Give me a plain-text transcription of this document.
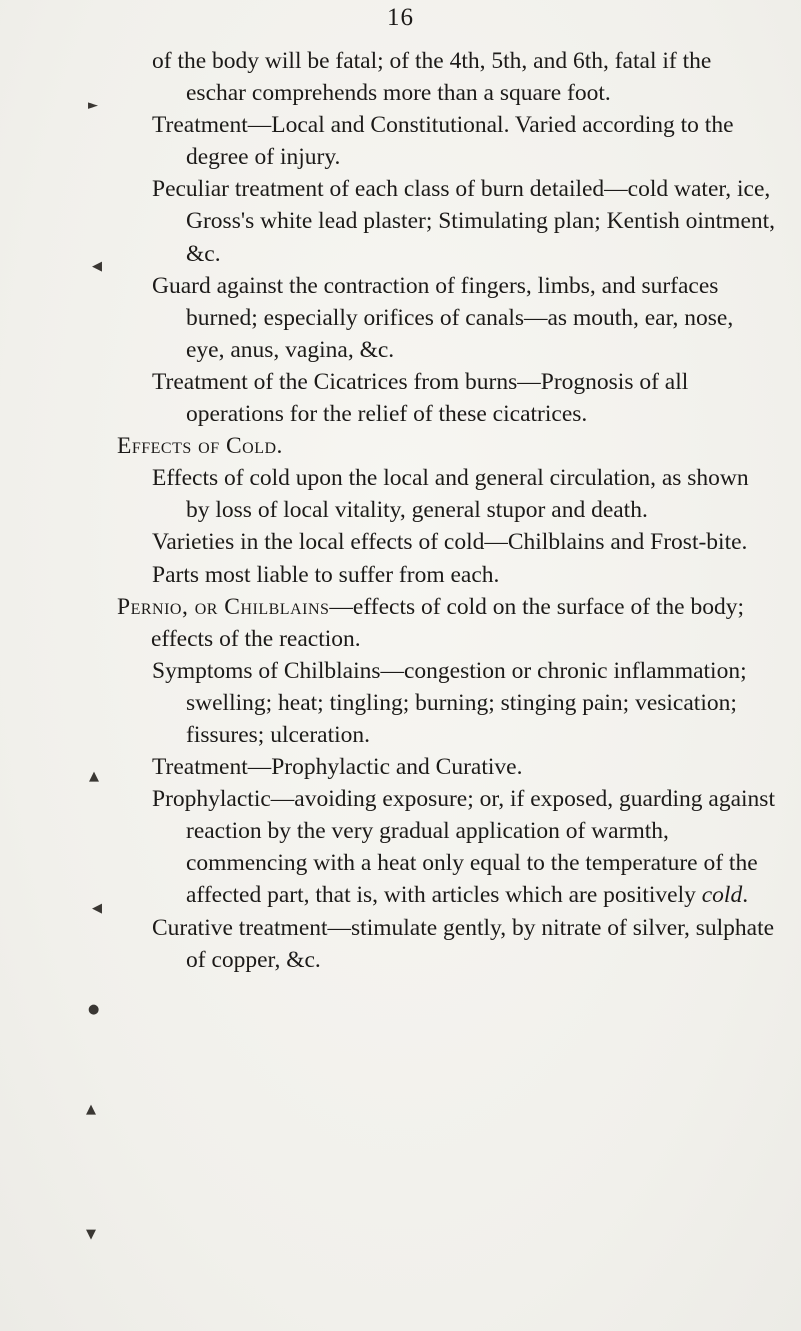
16
►
◀
▲
◀
●
▲
▼

of the body will be fatal; of the 4th, 5th, and 6th, fatal if the eschar comprehends more than a square foot.

Treatment—Local and Constitutional. Varied according to the degree of injury.

Peculiar treatment of each class of burn detailed—cold water, ice, Gross's white lead plaster; Stimulating plan; Kentish ointment, &c.

Guard against the contraction of fingers, limbs, and surfaces burned; especially orifices of canals—as mouth, ear, nose, eye, anus, vagina, &c.

Treatment of the Cicatrices from burns—Prognosis of all operations for the relief of these cicatrices.

Effects of Cold.

Effects of cold upon the local and general circulation, as shown by loss of local vitality, general stupor and death.

Varieties in the local effects of cold—Chilblains and Frost-bite.

Parts most liable to suffer from each.

Pernio, or Chilblains—effects of cold on the surface of the body; effects of the reaction.

Symptoms of Chilblains—congestion or chronic inflammation; swelling; heat; tingling; burning; stinging pain; vesication; fissures; ulceration.

Treatment—Prophylactic and Curative.

Prophylactic—avoiding exposure; or, if exposed, guarding against reaction by the very gradual application of warmth, commencing with a heat only equal to the temperature of the affected part, that is, with articles which are positively cold.

Curative treatment—stimulate gently, by nitrate of silver, sulphate of copper, &c.
